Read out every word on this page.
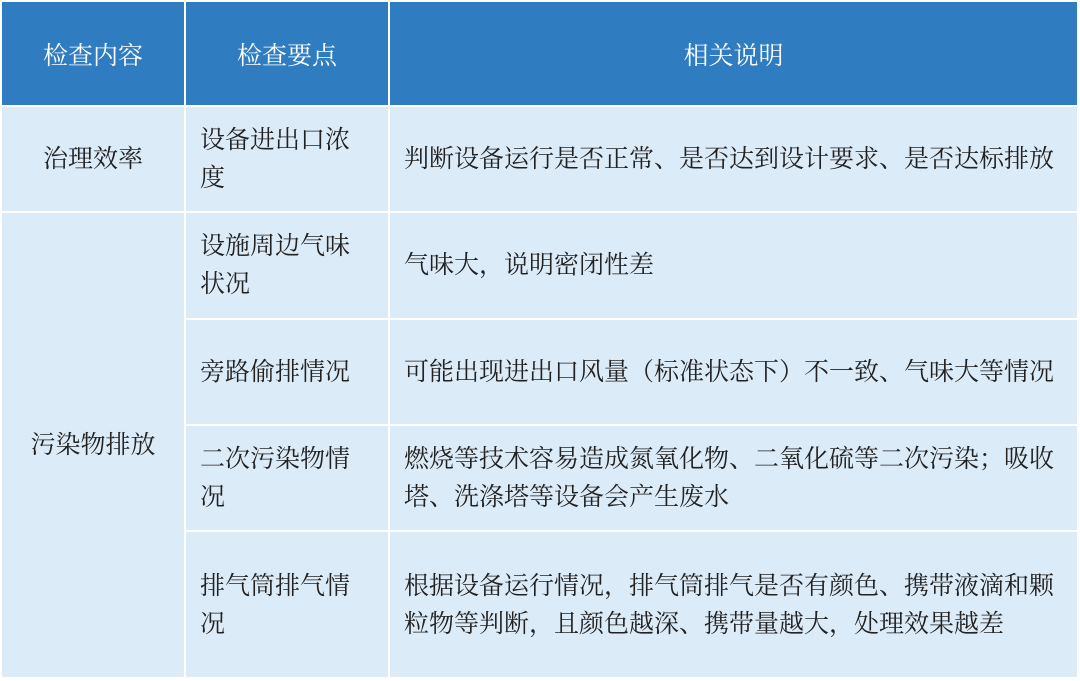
检查内容	检查要点	相关说明
治理效率	设备进出口浓度	判断设备运行是否正常、是否达到设计要求、是否达标排放
污染物排放	设施周边气味状况	气味大，说明密闭性差
	旁路偷排情况	可能出现进出口风量（标准状态下）不一致、气味大等情况
	二次污染物情况	燃烧等技术容易造成氮氧化物、二氧化硫等二次污染；吸收塔、洗涤塔等设备会产生废水
	排气筒排气情况	根据设备运行情况，排气筒排气是否有颜色、携带液滴和颗粒物等判断，且颜色越深、携带量越大，处理效果越差
